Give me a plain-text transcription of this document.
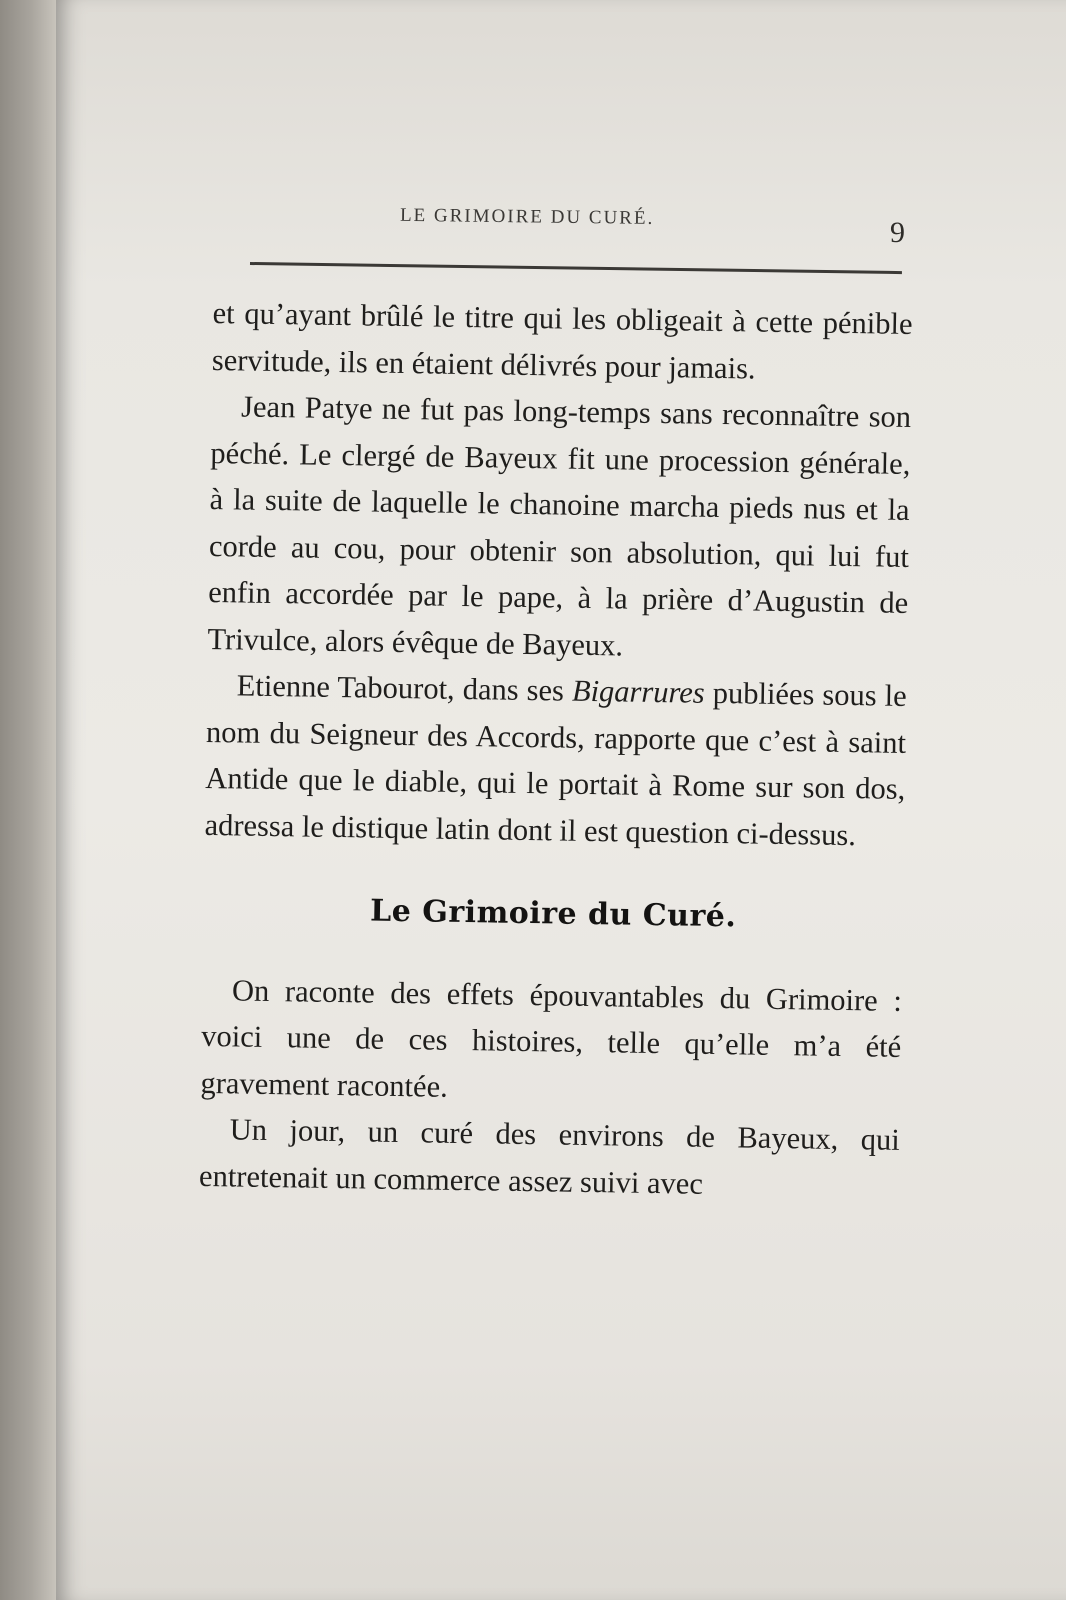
LE GRIMOIRE DU CURÉ.	9

et qu’ayant brûlé le titre qui les obligeait à cette pénible servitude, ils en étaient délivrés pour jamais.

Jean Patye ne fut pas long-temps sans reconnaître son péché. Le clergé de Bayeux fit une procession générale, à la suite de laquelle le chanoine marcha pieds nus et la corde au cou, pour obtenir son absolution, qui lui fut enfin accordée par le pape, à la prière d’Augustin de Trivulce, alors évêque de Bayeux.

Etienne Tabourot, dans ses Bigarrures publiées sous le nom du Seigneur des Accords, rapporte que c’est à saint Antide que le diable, qui le portait à Rome sur son dos, adressa le distique latin dont il est question ci-dessus.

Le Grimoire du Curé.

On raconte des effets épouvantables du Grimoire : voici une de ces histoires, telle qu’elle m’a été gravement racontée.

Un jour, un curé des environs de Bayeux, qui entretenait un commerce assez suivi avec
